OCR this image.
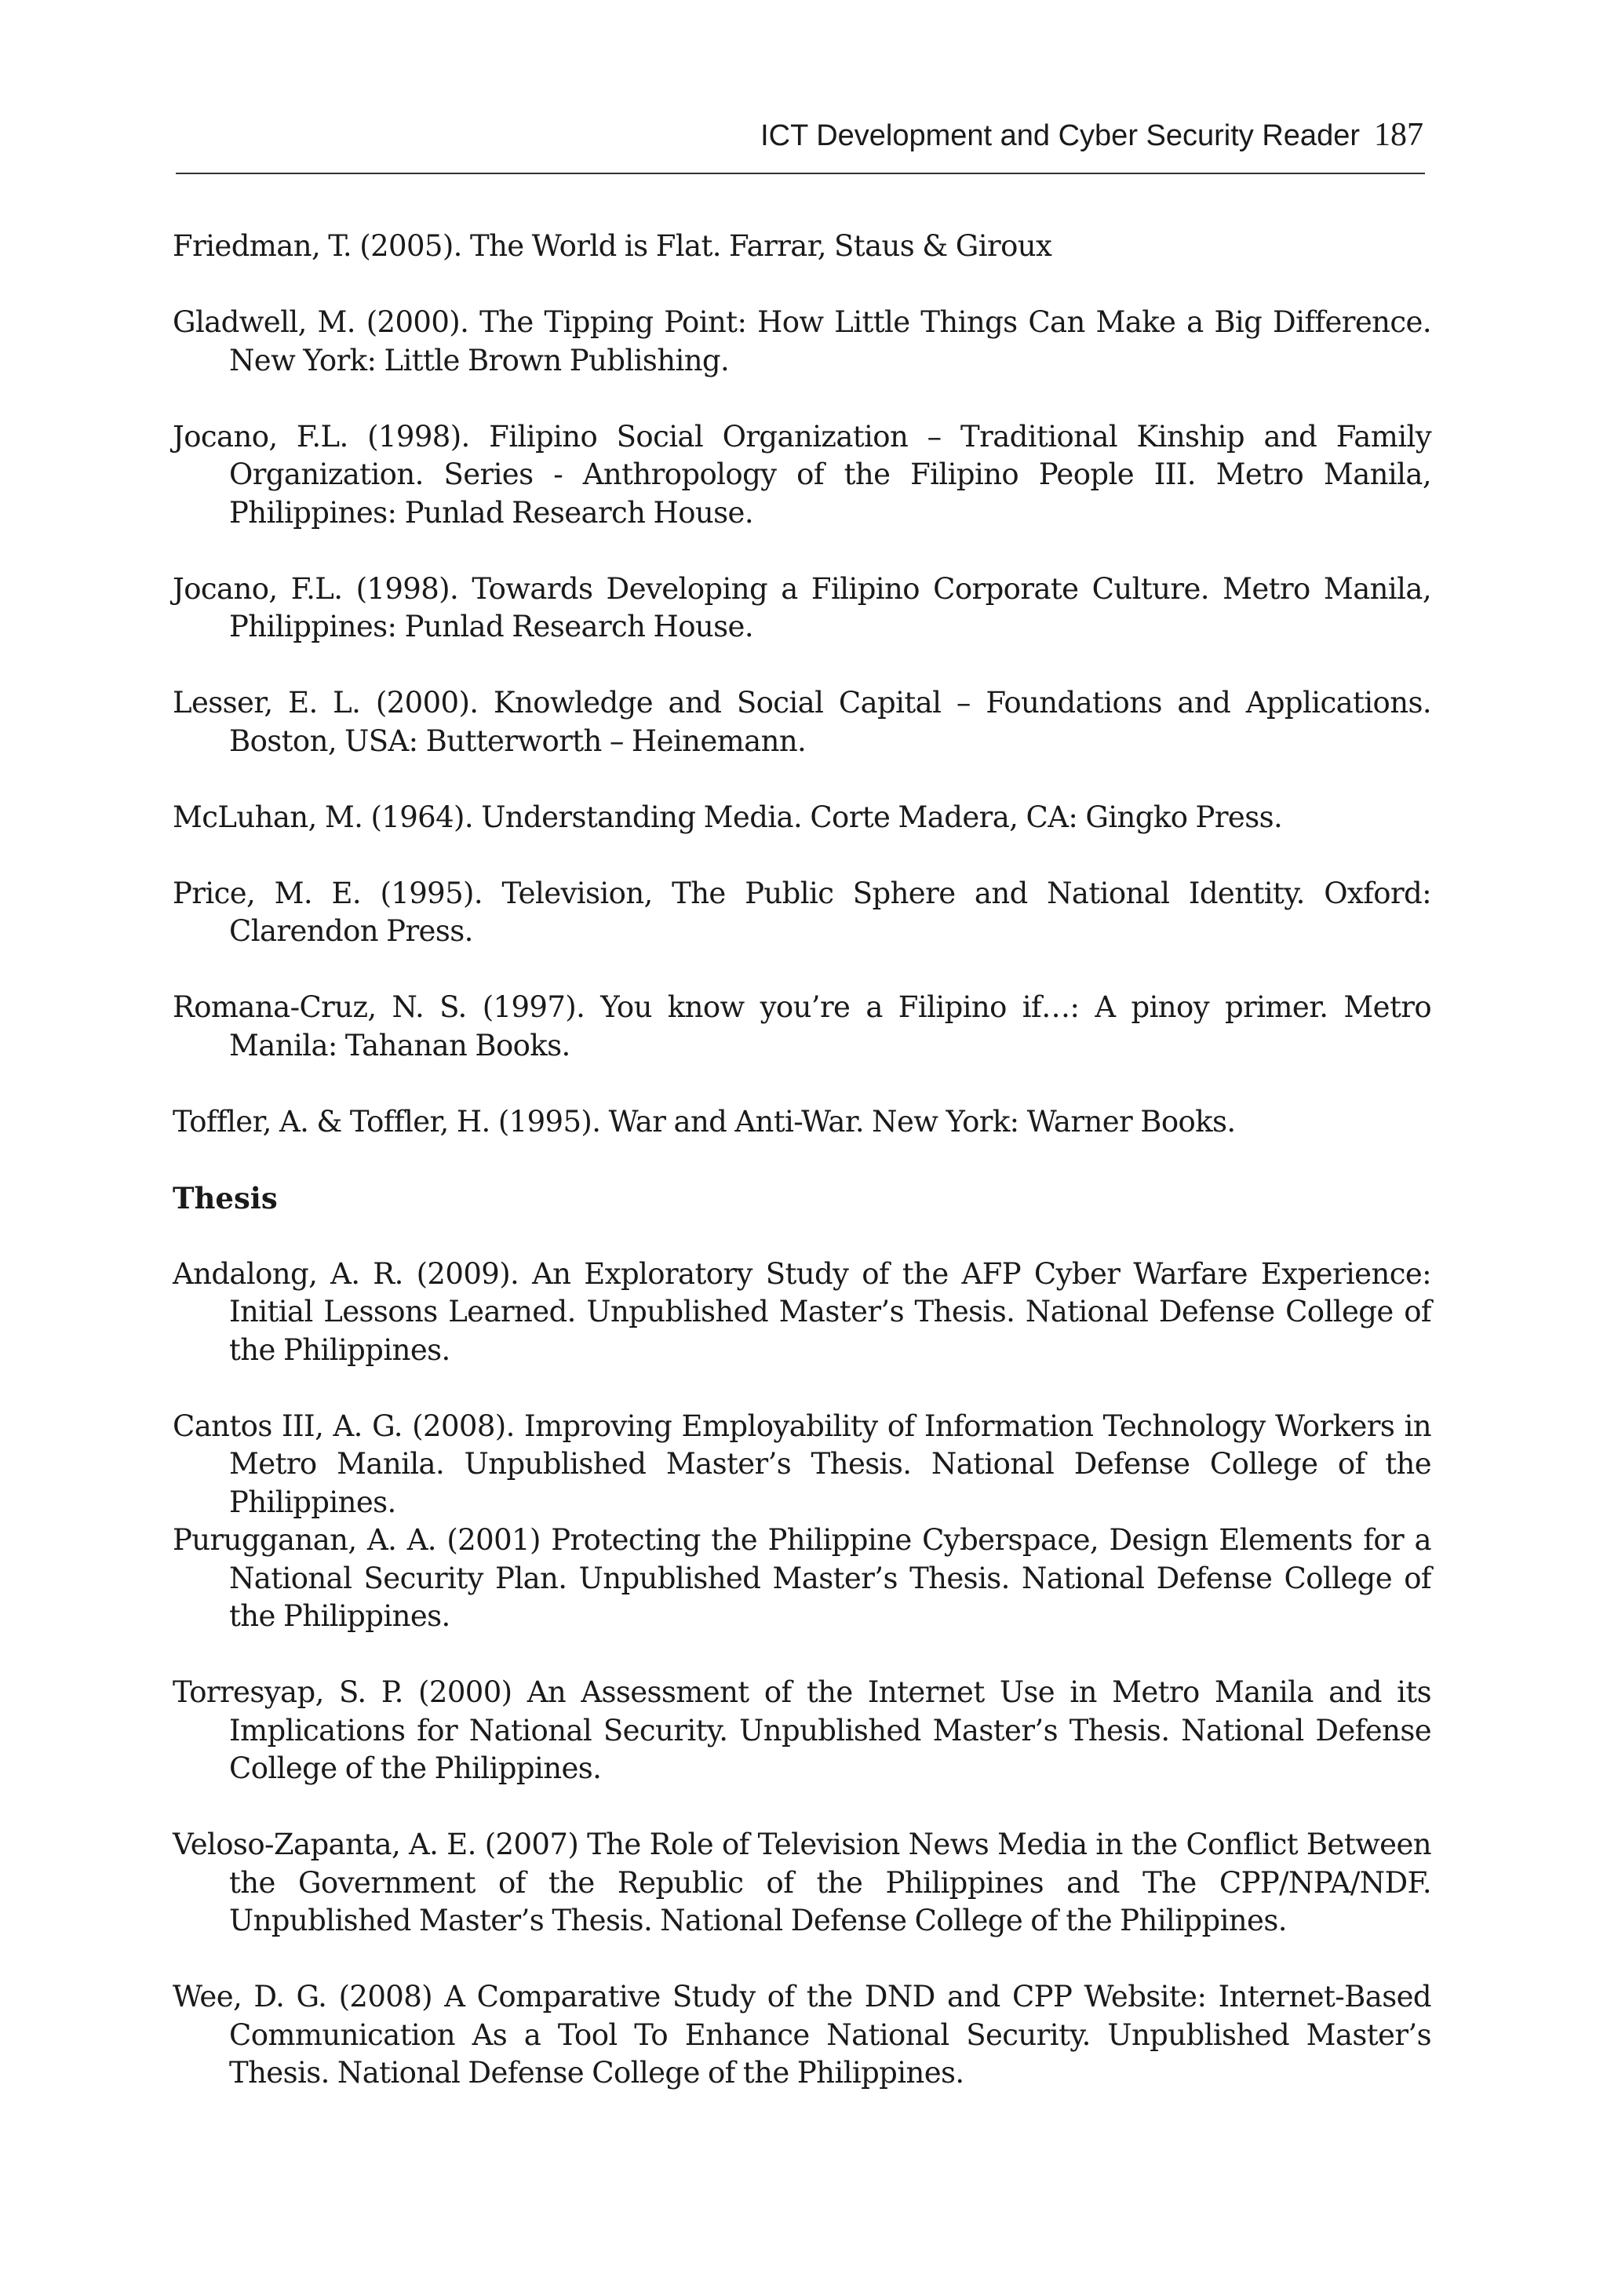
ICT Development and Cyber Security Reader 187

Friedman, T. (2005). The World is Flat. Farrar, Staus & Giroux

Gladwell, M. (2000). The Tipping Point: How Little Things Can Make a Big Difference. New York: Little Brown Publishing.

Jocano, F.L. (1998). Filipino Social Organization – Traditional Kinship and Family Organization. Series - Anthropology of the Filipino People III. Metro Manila, Philippines: Punlad Research House.

Jocano, F.L. (1998). Towards Developing a Filipino Corporate Culture. Metro Manila, Philippines: Punlad Research House.

Lesser, E. L. (2000). Knowledge and Social Capital – Foundations and Applications. Boston, USA: Butterworth – Heinemann.

McLuhan, M. (1964). Understanding Media. Corte Madera, CA: Gingko Press.

Price, M. E. (1995). Television, The Public Sphere and National Identity. Oxford: Clarendon Press.

Romana-Cruz, N. S. (1997). You know you’re a Filipino if…: A pinoy primer. Metro Manila: Tahanan Books.

Toffler, A. & Toffler, H. (1995). War and Anti-War. New York: Warner Books.

Thesis

Andalong, A. R. (2009). An Exploratory Study of the AFP Cyber Warfare Experience: Initial Lessons Learned. Unpublished Master’s Thesis. National Defense College of the Philippines.

Cantos III, A. G. (2008). Improving Employability of Information Technology Workers in Metro Manila. Unpublished Master’s Thesis. National Defense College of the Philippines.

Purugganan, A. A. (2001) Protecting the Philippine Cyberspace, Design Elements for a National Security Plan. Unpublished Master’s Thesis. National Defense College of the Philippines.

Torresyap, S. P. (2000) An Assessment of the Internet Use in Metro Manila and its Implications for National Security. Unpublished Master’s Thesis. National Defense College of the Philippines.

Veloso-Zapanta, A. E. (2007) The Role of Television News Media in the Conflict Between the Government of the Republic of the Philippines and The CPP/NPA/NDF. Unpublished Master’s Thesis. National Defense College of the Philippines.

Wee, D. G. (2008) A Comparative Study of the DND and CPP Website: Internet-Based Communication As a Tool To Enhance National Security. Unpublished Master’s Thesis. National Defense College of the Philippines.
